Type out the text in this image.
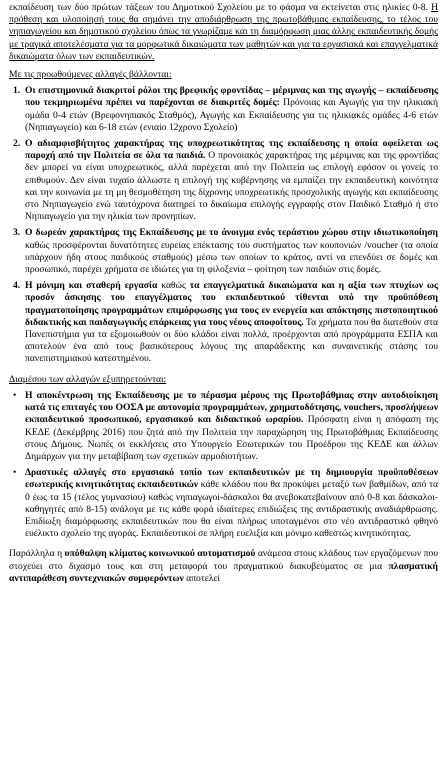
εκπαίδευση των δύο πρώτων τάξεων του Δημοτικού Σχολείου με το φάσμα να εκτείνεται στις ηλικίες 0-8. Η πρόθεση και υλοποίησή τους θα σημάνει την αποδιάρθρωση της πρωτοβάθμιας εκπαίδευσης, το τέλος του νηπιαγωγείου και δημοτικού σχολείου όπως τα γνωρίζαμε και τη διαμόρφωση μιας άλλης εκπαιδευτικής δομής με τραγικά αποτελέσματα για τα μορφωτικά δικαιώματα των μαθητών και για τα εργασιακά και επαγγελματικά δικαιώματα όλων των εκπαιδευτικών.

Με τις προωθούμενες αλλαγές βάλλονται:

1. Οι επιστημονικά διακριτοί ρόλοι της βρεφικής φροντίδας – μέριμνας και της αγωγής – εκπαίδευσης που τεκμηριωμένα πρέπει να παρέχονται σε διακριτές δομές: Πρόνοιας και Αγωγής για την ηλικιακή ομάδα 0-4 ετών (Βρεφονηπιακός Σταθμός), Αγωγής και Εκπαίδευσης για τις ηλικιακές ομάδες 4-6 ετών (Νηπιαγωγείο) και 6-18 ετών (ενιαίο 12χρονο Σχολείο)
2. Ο αδιαμφισβήτητος χαρακτήρας της υποχρεωτικότητας της εκπαίδευσης η οποία οφείλεται ως παροχή από την Πολιτεία σε όλα τα παιδιά. Ο προνοιακός χαρακτήρας της μέριμνας και της φροντίδας δεν μπορεί να είναι υποχρεωτικός, αλλά παρέχεται από την Πολιτεία ως επιλογή εφόσον οι γονείς το επιθυμούν. Δεν είναι τυχαίο άλλωστε η επιλογή της κυβέρνησης να εμπαίζει την εκπαιδευτική κοινότητα και την κοινωνία με τη μη θεσμοθέτηση της δίχρονης υποχρεωτικής προσχολικής αγωγής και εκπαίδευσης στο Νηπιαγωγείο ενώ ταυτόχρονα διατηρεί το δικαίωμα επιλογής εγγραφής στον Παιδικό Σταθμό ή στο Νηπιαγωγείο για την ηλικία των προνηπίων.
3. Ο δωρεάν χαρακτήρας της Εκπαίδευσης με το άνοιγμα ενός τεράστιου χώρου στην ιδιωτικοποίηση καθώς προσφέρονται δυνατότητες ευρείας επέκτασης του συστήματος των κουπονιών /voucher (τα οποία υπάρχουν ήδη στους παιδικούς σταθμούς) μέσω των οποίων το κράτος, αντί να επενδύει σε δομές και προσωπικό, παρέχει χρήματα σε ιδιώτες για τη φιλοξενία – φοίτηση των παιδιών στις δομές.
4. Η μόνιμη και σταθερή εργασία καθώς τα επαγγελματικά δικαιώματα και η αξία των πτυχίων ως προσόν άσκησης του επαγγέλματος του εκπαιδευτικού τίθενται υπό την προϋπόθεση πραγματοποίησης προγραμμάτων επιμόρφωσης για τους εν ενεργεία και απόκτησης πιστοποιητικού διδακτικής και παιδαγωγικής επάρκειας για τους νέους αποφοίτους. Τα χρήματα που θα διατεθούν στα Πανεπιστήμια για τα εξομοιωθούν οι δύο κλάδοι είναι πολλά, προέρχονται από προγράμματα ΕΣΠΑ και αποτελούν ένα από τους βασικότερους λόγους της απαράδεκτης και συναινετικής στάσης του πανεπιστημιακού κατεστημένου.

Διαμέσου των αλλαγών εξυπηρετούνται:

• Η αποκέντρωση της Εκπαίδευσης με το πέρασμα μέρους της Πρωτοβάθμιας στην αυτοδιοίκηση κατά τις επιταγές του ΟΟΣΑ με αυτονομία προγραμμάτων, χρηματοδότησης, vouchers, προσλήψεων εκπαιδευτικού προσωπικού, εργασιακού και διδακτικού ωραρίου. Πρόσφατη είναι η απόφαση της ΚΕΔΕ (Δεκέμβρης 2016) που ζητά από την Πολιτεία την παραχώρηση της Πρωτοβάθμιας Εκπαίδευσης στους Δήμους. Νωπές οι εκκλήσεις στο Υπουργείο Εσωτερικών του Προέδρου της ΚΕΔΕ και άλλων Δημάρχων για την μεταβίβαση των σχετικών αρμοδιοτήτων.
• Δραστικές αλλαγές στο εργασιακό τοπίο των εκπαιδευτικών με τη δημιουργία προϋποθέσεων εσωτερικής κινητικότητας εκπαιδευτικών κάθε κλάδου που θα προκύψει μεταξύ των βαθμίδων, από τα 0 έως τα 15 (τέλος γυμνασίου) καθώς νηπιαγωγοί-δάσκαλοι θα ανεβοκατεβαίνουν από 0-8 και δάσκαλοι- καθηγητές από 8-15) ανάλογα με τις κάθε φορά ιδιαίτερες επιδιώξεις της αντιδραστικής αναδιάρθρωσης. Επιδίωξη διαμόρφωσης εκπαιδευτικών που θα είναι πλήρως υποταγμένοι στο νέο αντιδραστικό φθηνό ευέλικτο σχολείο της αγοράς. Εκπαιδευτικοί σε πλήρη ευελιξία και μόνιμο καθεστώς κινητικότητας.

Παράλληλα η υπόθαλψη κλίματος κοινωνικού αυτοματισμού ανάμεσα στους κλάδους των εργαζόμενων που στοχεύει στο διχασμό τους και στη μεταφορά του πραγματικού διακυβεύματος σε μια πλασματική αντιπαράθεση συντεχνιακών συμφερόντων αποτελεί
